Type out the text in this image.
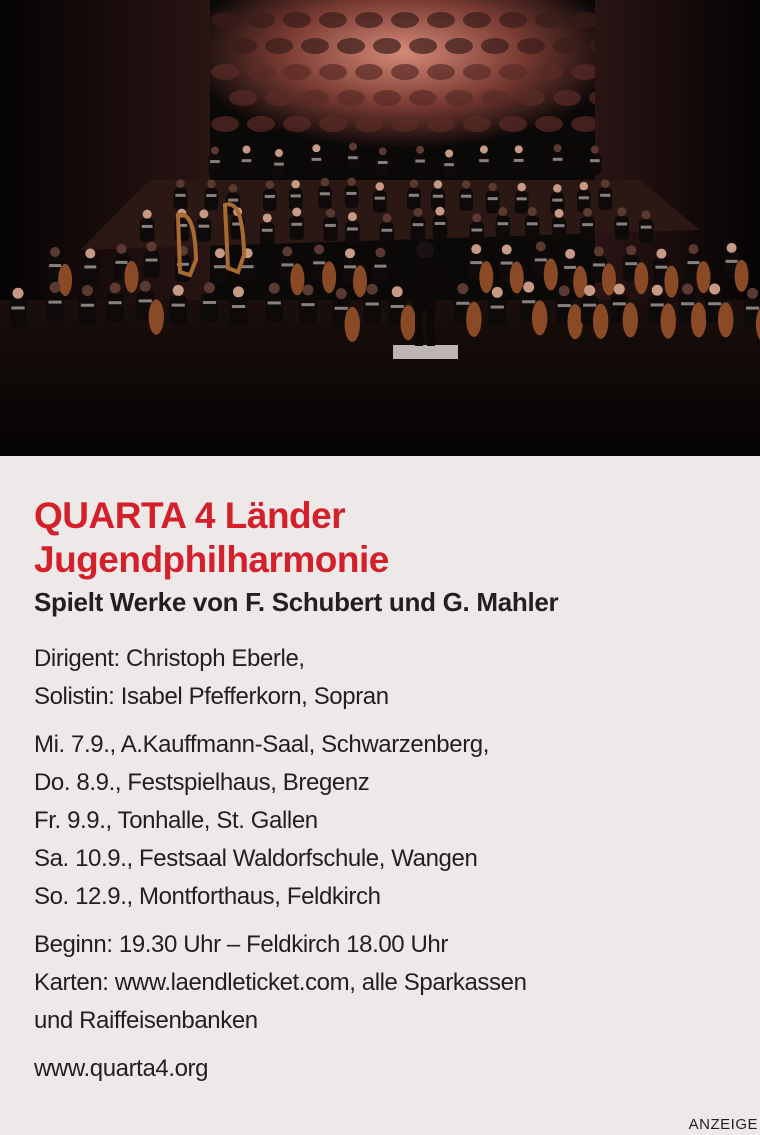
QUARTA 4 Länder
Jugendphilharmonie
Spielt Werke von F. Schubert und G. Mahler
Dirigent: Christoph Eberle,
Solistin: Isabel Pfefferkorn, Sopran
Mi. 7.9., A.Kauffmann-Saal, Schwarzenberg,
Do. 8.9., Festspielhaus, Bregenz
Fr. 9.9., Tonhalle, St. Gallen
Sa. 10.9., Festsaal Waldorfschule, Wangen
So. 12.9., Montforthaus, Feldkirch
Beginn: 19.30 Uhr – Feldkirch 18.00 Uhr
Karten: www.laendleticket.com, alle Sparkassen
und Raiffeisenbanken
www.quarta4.org
ANZEIGE
